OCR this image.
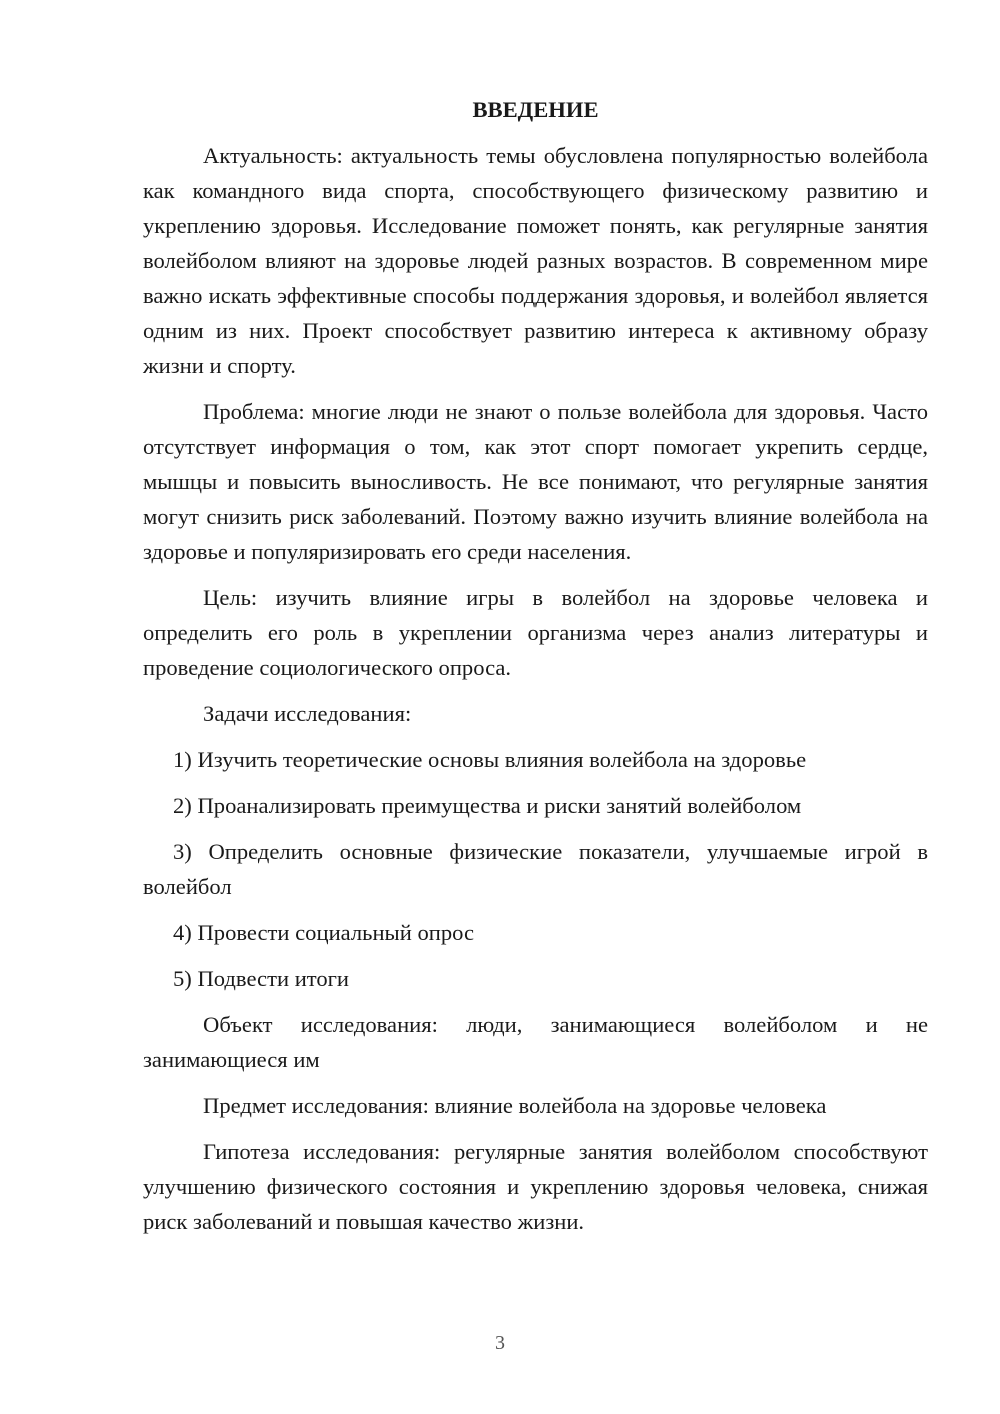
ВВЕДЕНИЕ

Актуальность: актуальность темы обусловлена популярностью волейбола как командного вида спорта, способствующего физическому развитию и укреплению здоровья. Исследование поможет понять, как регулярные занятия волейболом влияют на здоровье людей разных возрастов. В современном мире важно искать эффективные способы поддержания здоровья, и волейбол является одним из них. Проект способствует развитию интереса к активному образу жизни и спорту.

Проблема: многие люди не знают о пользе волейбола для здоровья. Часто отсутствует информация о том, как этот спорт помогает укрепить сердце, мышцы и повысить выносливость. Не все понимают, что регулярные занятия могут снизить риск заболеваний. Поэтому важно изучить влияние волейбола на здоровье и популяризировать его среди населения.

Цель: изучить влияние игры в волейбол на здоровье человека и определить его роль в укреплении организма через анализ литературы и проведение социологического опроса.

Задачи исследования:

1) Изучить теоретические основы влияния волейбола на здоровье

2) Проанализировать преимущества и риски занятий волейболом

3) Определить основные физические показатели, улучшаемые игрой в волейбол

4) Провести социальный опрос

5) Подвести итоги

Объект исследования: люди, занимающиеся волейболом и не занимающиеся им

Предмет исследования: влияние волейбола на здоровье человека

Гипотеза исследования: регулярные занятия волейболом способствуют улучшению физического состояния и укреплению здоровья человека, снижая риск заболеваний и повышая качество жизни.

3
